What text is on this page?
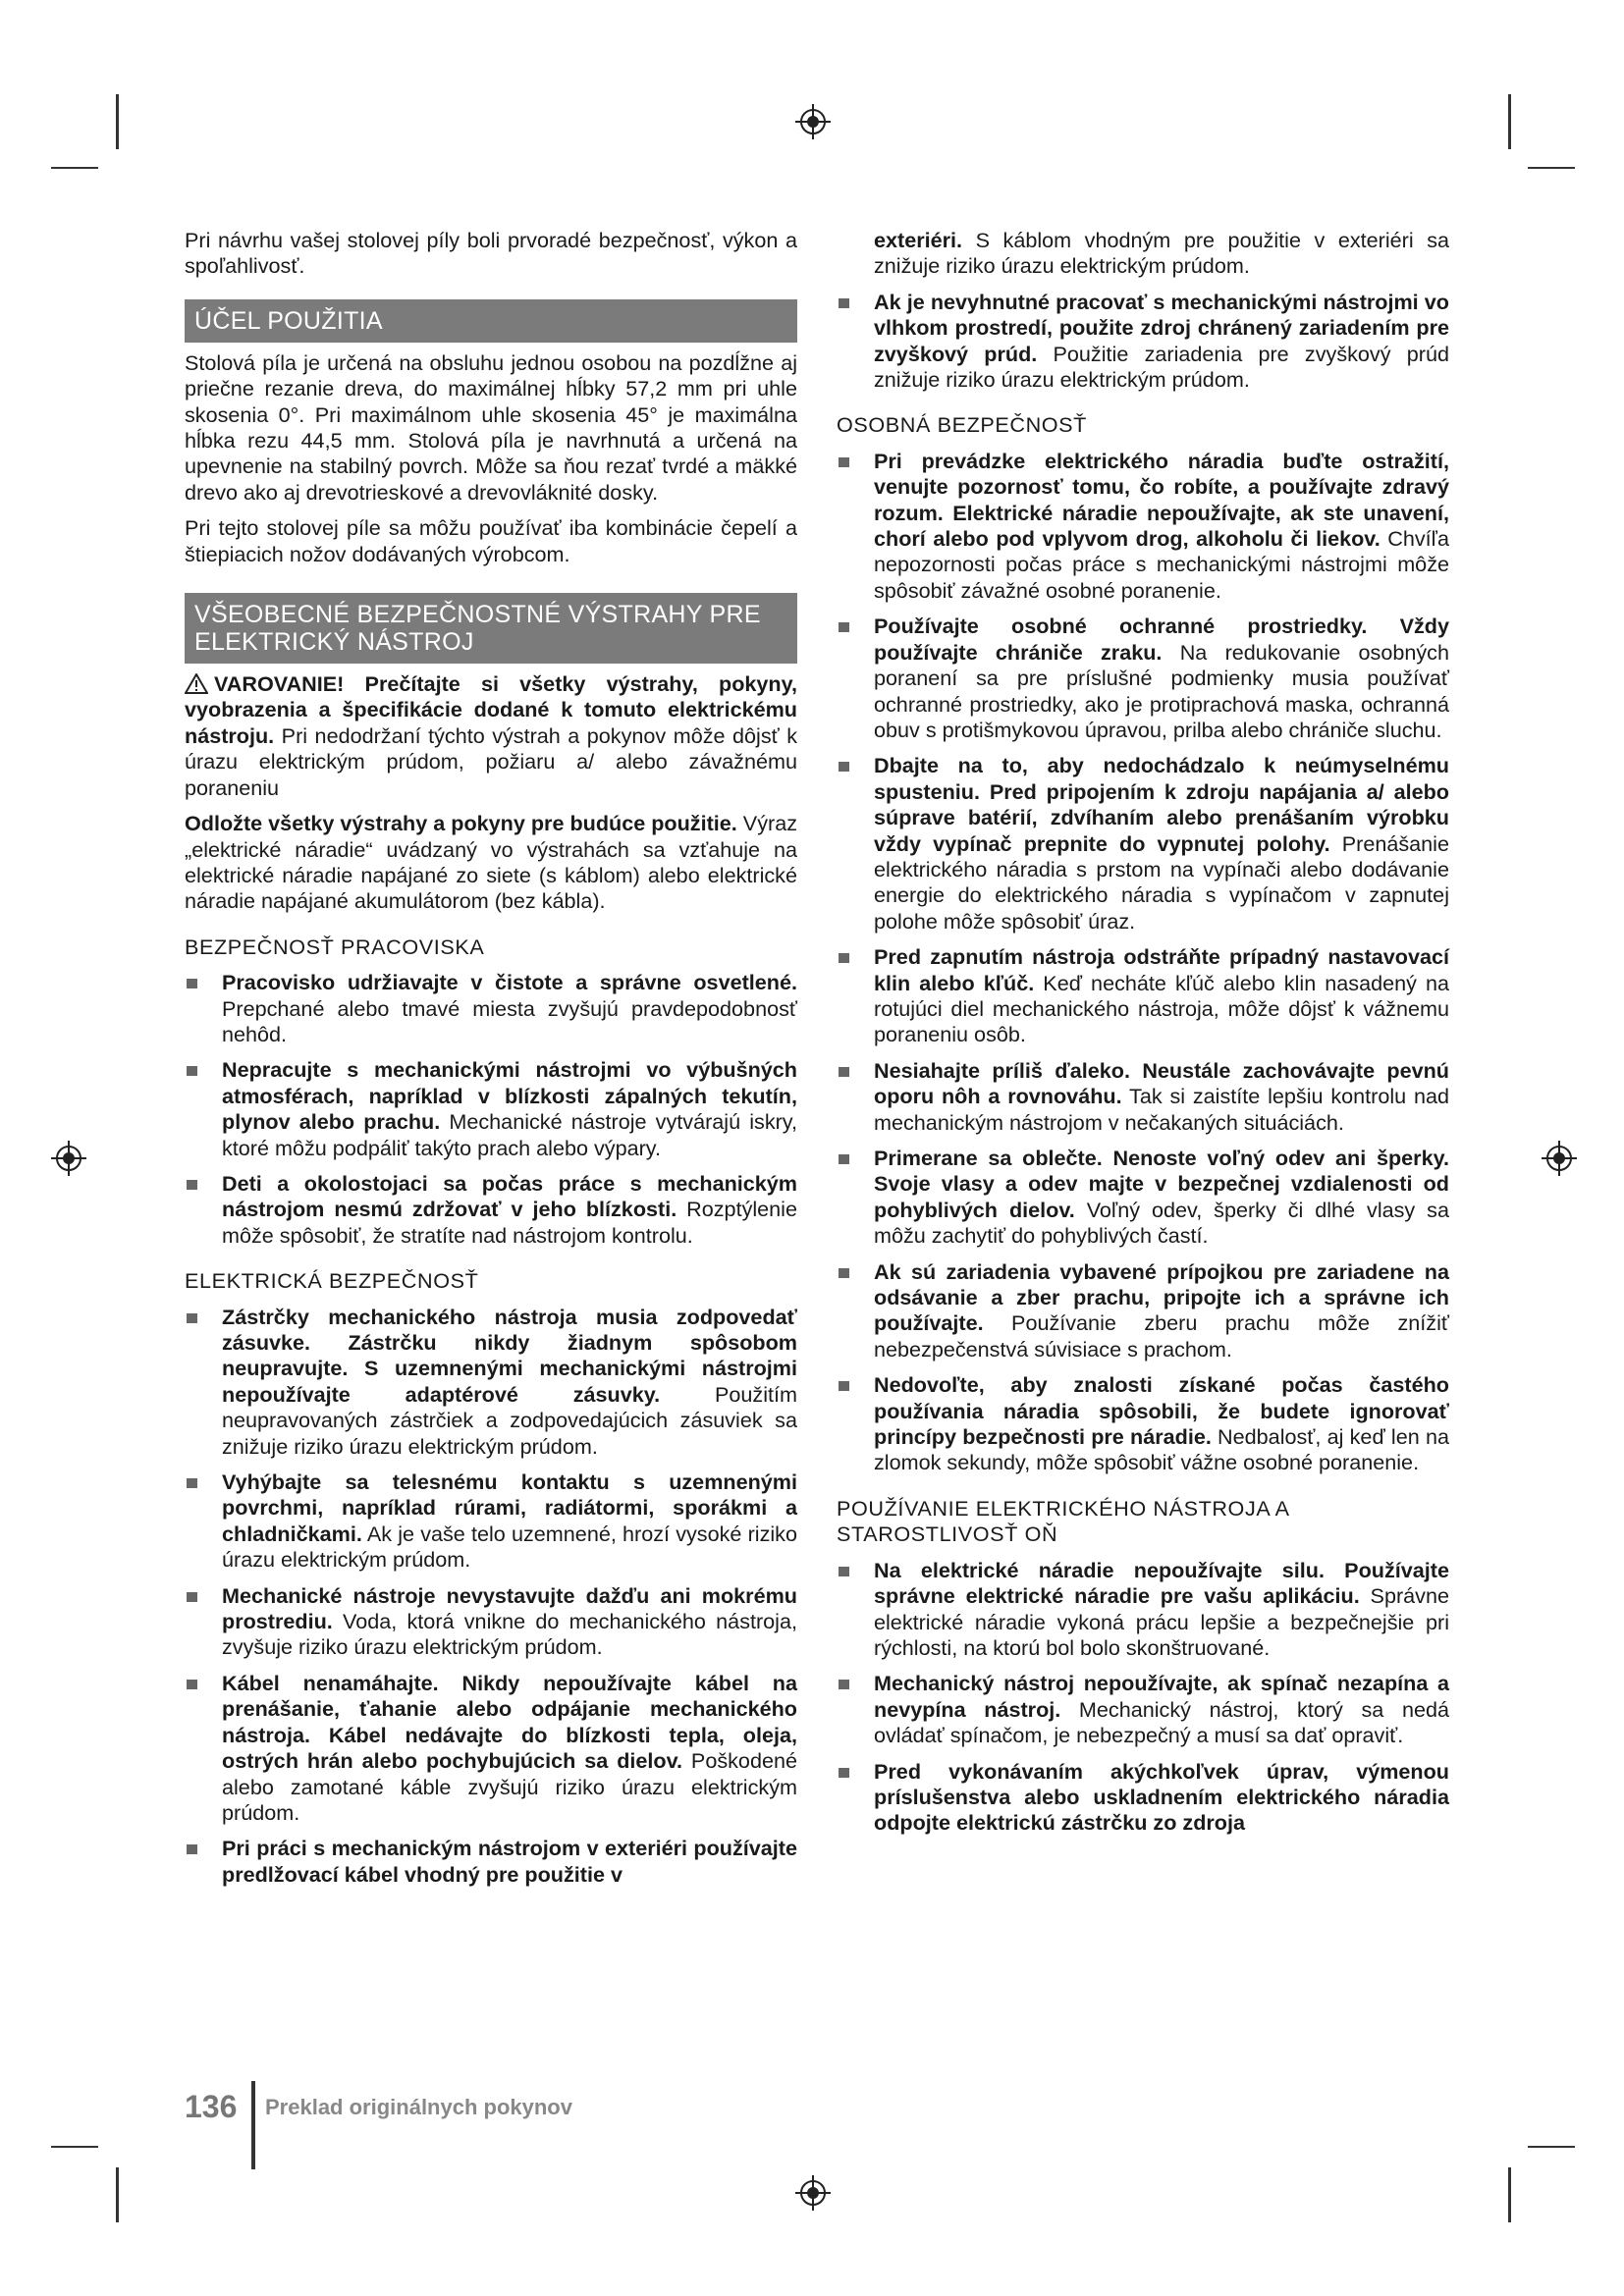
Pri návrhu vašej stolovej píly boli prvoradé bezpečnosť, výkon a spoľahlivosť.

ÚČEL POUŽITIA

Stolová píla je určená na obsluhu jednou osobou na pozdĺžne aj priečne rezanie dreva, do maximálnej hĺbky 57,2 mm pri uhle skosenia 0°. Pri maximálnom uhle skosenia 45° je maximálna hĺbka rezu 44,5 mm. Stolová píla je navrhnutá a určená na upevnenie na stabilný povrch. Môže sa ňou rezať tvrdé a mäkké drevo ako aj drevotrieskové a drevovláknité dosky.

Pri tejto stolovej píle sa môžu používať iba kombinácie čepelí a štiepiacich nožov dodávaných výrobcom.

VŠEOBECNÉ BEZPEČNOSTNÉ VÝSTRAHY PRE ELEKTRICKÝ NÁSTROJ

VAROVANIE! Prečítajte si všetky výstrahy, pokyny, vyobrazenia a špecifikácie dodané k tomuto elektrickému nástroju. Pri nedodržaní týchto výstrah a pokynov môže dôjsť k úrazu elektrickým prúdom, požiaru a/ alebo závažnému poraneniu

Odložte všetky výstrahy a pokyny pre budúce použitie. Výraz „elektrické náradie“ uvádzaný vo výstrahách sa vzťahuje na elektrické náradie napájané zo siete (s káblom) alebo elektrické náradie napájané akumulátorom (bez kábla).

BEZPEČNOSŤ PRACOVISKA
Pracovisko udržiavajte v čistote a správne osvetlené. Prepchané alebo tmavé miesta zvyšujú pravdepodobnosť nehôd.
Nepracujte s mechanickými nástrojmi vo výbušných atmosférach, napríklad v blízkosti zápalných tekutín, plynov alebo prachu. Mechanické nástroje vytvárajú iskry, ktoré môžu podpáliť takýto prach alebo výpary.
Deti a okolostojaci sa počas práce s mechanickým nástrojom nesmú zdržovať v jeho blízkosti. Rozptýlenie môže spôsobiť, že stratíte nad nástrojom kontrolu.
ELEKTRICKÁ BEZPEČNOSŤ
Zástrčky mechanického nástroja musia zodpovedať zásuvke. Zástrčku nikdy žiadnym spôsobom neupravujte. S uzemnenými mechanickými nástrojmi nepoužívajte adaptérové zásuvky. Použitím neupravovaných zástrčiek a zodpovedajúcich zásuviek sa znižuje riziko úrazu elektrickým prúdom.
Vyhýbajte sa telesnému kontaktu s uzemnenými povrchmi, napríklad rúrami, radiátormi, sporákmi a chladničkami. Ak je vaše telo uzemnené, hrozí vysoké riziko úrazu elektrickým prúdom.
Mechanické nástroje nevystavujte dažďu ani mokrému prostrediu. Voda, ktorá vnikne do mechanického nástroja, zvyšuje riziko úrazu elektrickým prúdom.
Kábel nenamáhajte. Nikdy nepoužívajte kábel na prenášanie, ťahanie alebo odpájanie mechanického nástroja. Kábel nedávajte do blízkosti tepla, oleja, ostrých hrán alebo pochybujúcich sa dielov. Poškodené alebo zamotané káble zvyšujú riziko úrazu elektrickým prúdom.
Pri práci s mechanickým nástrojom v exteriéri používajte predlžovací kábel vhodný pre použitie v

exteriéri. S káblom vhodným pre použitie v exteriéri sa znižuje riziko úrazu elektrickým prúdom.

Ak je nevyhnutné pracovať s mechanickými nástrojmi vo vlhkom prostredí, použite zdroj chránený zariadením pre zvyškový prúd. Použitie zariadenia pre zvyškový prúd znižuje riziko úrazu elektrickým prúdom.
OSOBNÁ BEZPEČNOSŤ
Pri prevádzke elektrického náradia buďte ostražití, venujte pozornosť tomu, čo robíte, a používajte zdravý rozum. Elektrické náradie nepoužívajte, ak ste unavení, chorí alebo pod vplyvom drog, alkoholu či liekov. Chvíľa nepozornosti počas práce s mechanickými nástrojmi môže spôsobiť závažné osobné poranenie.
Používajte osobné ochranné prostriedky. Vždy používajte chrániče zraku. Na redukovanie osobných poranení sa pre príslušné podmienky musia používať ochranné prostriedky, ako je protiprachová maska, ochranná obuv s protišmykovou úpravou, prilba alebo chrániče sluchu.
Dbajte na to, aby nedochádzalo k neúmyselnému spusteniu. Pred pripojením k zdroju napájania a/ alebo súprave batérií, zdvíhaním alebo prenášaním výrobku vždy vypínač prepnite do vypnutej polohy. Prenášanie elektrického náradia s prstom na vypínači alebo dodávanie energie do elektrického náradia s vypínačom v zapnutej polohe môže spôsobiť úraz.
Pred zapnutím nástroja odstráňte prípadný nastavovací klin alebo kľúč. Keď necháte kľúč alebo klin nasadený na rotujúci diel mechanického nástroja, môže dôjsť k vážnemu poraneniu osôb.
Nesiahajte príliš ďaleko. Neustále zachovávajte pevnú oporu nôh a rovnováhu. Tak si zaistíte lepšiu kontrolu nad mechanickým nástrojom v nečakaných situáciách.
Primerane sa oblečte. Nenoste voľný odev ani šperky. Svoje vlasy a odev majte v bezpečnej vzdialenosti od pohyblivých dielov. Voľný odev, šperky či dlhé vlasy sa môžu zachytiť do pohyblivých častí.
Ak sú zariadenia vybavené prípojkou pre zariadene na odsávanie a zber prachu, pripojte ich a správne ich používajte. Používanie zberu prachu môže znížiť nebezpečenstvá súvisiace s prachom.
Nedovoľte, aby znalosti získané počas častého používania náradia spôsobili, že budete ignorovať princípy bezpečnosti pre náradie. Nedbalosť, aj keď len na zlomok sekundy, môže spôsobiť vážne osobné poranenie.
POUŽÍVANIE ELEKTRICKÉHO NÁSTROJA A STAROSTLIVOSŤ OŇ
Na elektrické náradie nepoužívajte silu. Používajte správne elektrické náradie pre vašu aplikáciu. Správne elektrické náradie vykoná prácu lepšie a bezpečnejšie pri rýchlosti, na ktorú bol bolo skonštruované.
Mechanický nástroj nepoužívajte, ak spínač nezapína a nevypína nástroj. Mechanický nástroj, ktorý sa nedá ovládať spínačom, je nebezpečný a musí sa dať opraviť.
Pred vykonávaním akýchkoľvek úprav, výmenou príslušenstva alebo uskladnením elektrického náradia odpojte elektrickú zástrčku zo zdroja
136 Preklad originálnych pokynov
